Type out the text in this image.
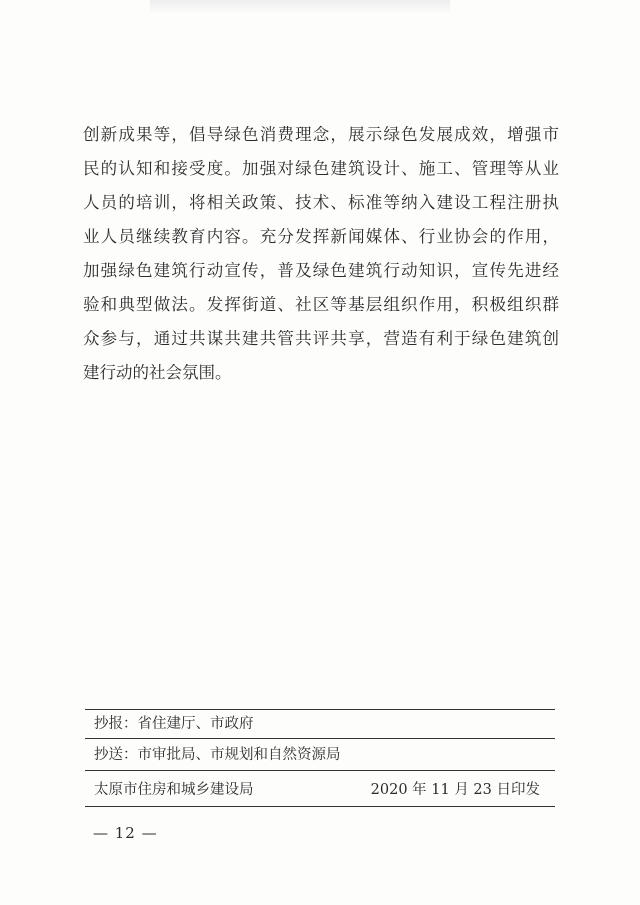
创新成果等，倡导绿色消费理念，展示绿色发展成效，增强市
民的认知和接受度。加强对绿色建筑设计、施工、管理等从业
人员的培训，将相关政策、技术、标准等纳入建设工程注册执
业人员继续教育内容。充分发挥新闻媒体、行业协会的作用，
加强绿色建筑行动宣传，普及绿色建筑行动知识，宣传先进经
验和典型做法。发挥街道、社区等基层组织作用，积极组织群
众参与，通过共谋共建共管共评共享，营造有利于绿色建筑创
建行动的社会氛围。
抄报：省住建厅、市政府
抄送：市审批局、市规划和自然资源局
太原市住房和城乡建设局	2020 年 11 月 23 日印发
— 12 —
